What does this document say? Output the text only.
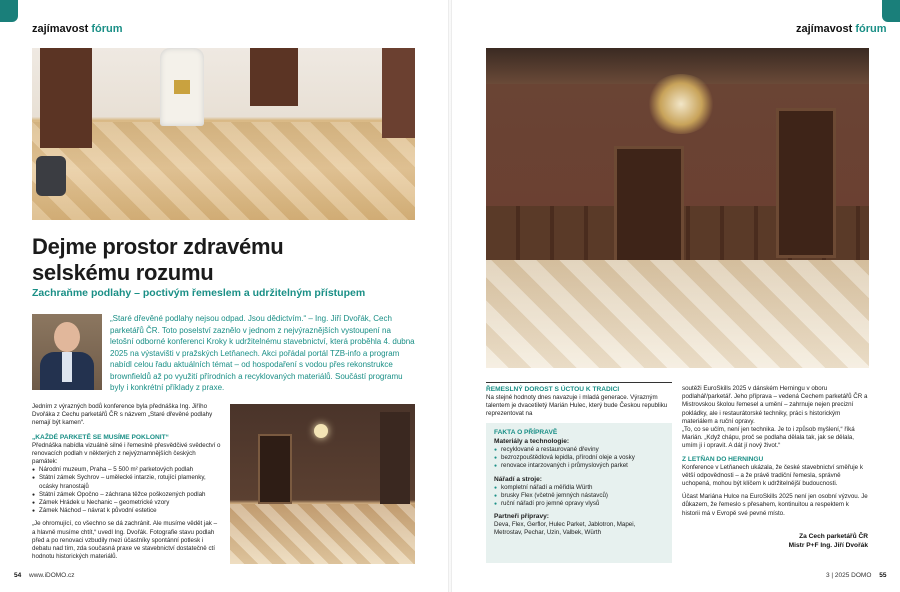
zajímavost fórum
Dejme prostor zdravému
selskému rozumu
Zachraňme podlahy – poctivým řemeslem a udržitelným přístupem
„Staré dřevěné podlahy nejsou odpad. Jsou dědictvím.“ – Ing. Jiří Dvořák, Cech parketářů ČR. Toto poselství zaznělo v jednom z nejvýraznějších vystoupení na letošní odborné konferenci Kroky k udržitelnému stavebnictví, která proběhla 4. dubna 2025 na výstavišti v pražských Letňanech. Akci pořádal portál TZB-info a program nabídl celou řadu aktuálních témat – od hospodaření s vodou přes rekonstrukce brownfieldů až po využití přírodních a recyklovaných materiálů. Součástí programu byly i konkrétní příklady z praxe.

Jedním z výrazných bodů konference byla přednáška Ing. Jiřího Dvořáka z Cechu parketářů ČR s názvem „Staré dřevěné podlahy nemají být kamen“.

„KAŽDÉ PARKETĚ SE MUSÍME POKLONIT“

Přednáška nabídla vizuálně silné i řemeslně přesvědčivé svědectví o renovacích podlah v některých z nejvýznamnějších českých památek:

● Národní muzeum, Praha – 5 500 m² parketových podlah
● Státní zámek Sychrov – umělecké intarzie, rotující plamenky, ocásky hranostajů
● Státní zámek Opočno – záchrana těžce poškozených podlah
● Zámek Hrádek u Nechanic – geometrické vzory
● Zámek Náchod – návrat k původní estetice

„Je ohromující, co všechno se dá zachránit. Ale musíme vědět jak – a hlavně musíme chtít,“ uvedl Ing. Dvořák. Fotografie stavu podlah před a po renovaci vzbudily mezi účastníky spontánní potlesk i debatu nad tím, zda současná praxe ve stavebnictví dostatečně ctí hodnotu historických materiálů.

54 www.iDOMO.cz
zajímavost fórum

ŘEMESLNÝ DOROST S ÚCTOU K TRADICI

Na stejné hodnoty dnes navazuje i mladá generace. Výrazným talentem je dvacetiletý Marián Hulec, který bude Českou republiku reprezentovat na

FAKTA O PŘÍPRAVĚ

Materiály a technologie:

● recyklované a restaurované dřeviny
● bezrozpouštědlová lepidla, přírodní oleje a vosky
● renovace intarzovaných i průmyslových parket

Nářadí a stroje:

● kompletní nářadí a měřidla Würth
● brusky Flex (včetně jemných nástavců)
● ruční nářadí pro jemné opravy vlysů

Partneři přípravy:

Deva, Flex, Gerflor, Hulec Parket, Jablotron, Mapei, Metrostav, Pechar, Uzin, Valbek, Würth

soutěži EuroSkills 2025 v dánském Herningu v oboru podlahář/parketář. Jeho příprava – vedená Cechem parketářů ČR a Mistrovskou školou řemesel a umění – zahrnuje nejen precizní pokládky, ale i restaurátorské techniky, práci s historickým materiálem a ruční opravy.

„To, co se učím, není jen technika. Je to i způsob myšlení,“ říká Marián. „Když chápu, proč se podlaha dělala tak, jak se dělala, umím ji i opravit. A dát jí nový život.“

Z LETŇAN DO HERNINGU

Konference v Letňanech ukázala, že české stavebnictví směřuje k větší odpovědnosti – a že právě tradiční řemesla, správně uchopená, mohou být klíčem k udržitelnější budoucnosti.

Účast Mariána Hulce na EuroSkills 2025 není jen osobní výzvou. Je důkazem, že řemeslo s přesahem, kontinuitou a respektem k historii má v Evropě své pevné místo.

Za Cech parketářů ČR
Mistr P+F Ing. Jiří Dvořák
3 | 2025 DOMO 55
